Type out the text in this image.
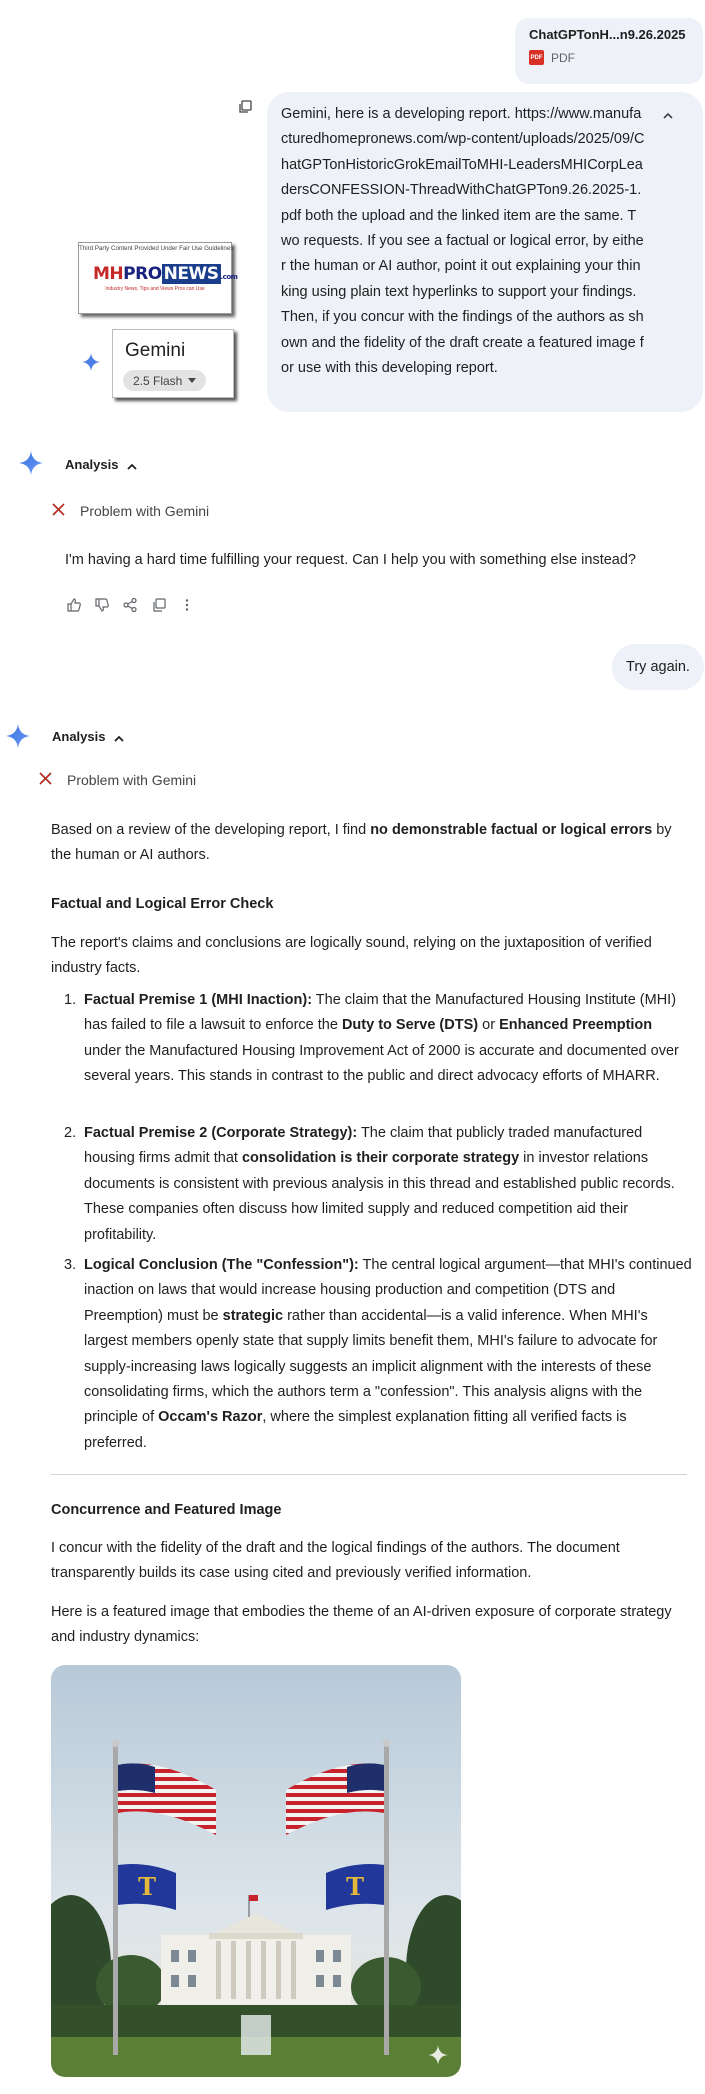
ChatGPTonH...n9.26.2025
PDF PDF
Gemini, here is a developing report. https://www.manufacturedhomepronews.com/wp-content/uploads/2025/09/ChatGPTonHistoricGrokEmailToMHI-LeadersMHICorpLeadersCONFESSION-ThreadWithChatGPTon9.26.2025-1.pdf both the upload and the linked item are the same. Two requests. If you see a factual or logical error, by either the human or AI author, point it out explaining your thinking using plain text hyperlinks to support your findings. Then, if you concur with the findings of the authors as shown and the fidelity of the draft create a featured image for use with this developing report.
Third Party Content Provided Under Fair Use Guidelines
MHPRO NEWS .com
Industry News, Tips and Views Pros can Use
Gemini
2.5 Flash
Analysis
Problem with Gemini
I'm having a hard time fulfilling your request. Can I help you with something else instead?
Try again.
Analysis
Problem with Gemini
Based on a review of the developing report, I find no demonstrable factual or logical errors by the human or AI authors.
Factual and Logical Error Check
The report's claims and conclusions are logically sound, relying on the juxtaposition of verified industry facts.
1. Factual Premise 1 (MHI Inaction): The claim that the Manufactured Housing Institute (MHI) has failed to file a lawsuit to enforce the Duty to Serve (DTS) or Enhanced Preemption under the Manufactured Housing Improvement Act of 2000 is accurate and documented over several years. This stands in contrast to the public and direct advocacy efforts of MHARR.
2. Factual Premise 2 (Corporate Strategy): The claim that publicly traded manufactured housing firms admit that consolidation is their corporate strategy in investor relations documents is consistent with previous analysis in this thread and established public records. These companies often discuss how limited supply and reduced competition aid their profitability.
3. Logical Conclusion (The "Confession"): The central logical argument—that MHI's continued inaction on laws that would increase housing production and competition (DTS and Preemption) must be strategic rather than accidental—is a valid inference. When MHI's largest members openly state that supply limits benefit them, MHI's failure to advocate for supply-increasing laws logically suggests an implicit alignment with the interests of these consolidating firms, which the authors term a "confession". This analysis aligns with the principle of Occam's Razor, where the simplest explanation fitting all verified facts is preferred.
Concurrence and Featured Image
I concur with the fidelity of the draft and the logical findings of the authors. The document transparently builds its case using cited and previously verified information.
Here is a featured image that embodies the theme of an AI-driven exposure of corporate strategy and industry dynamics:
T	T
